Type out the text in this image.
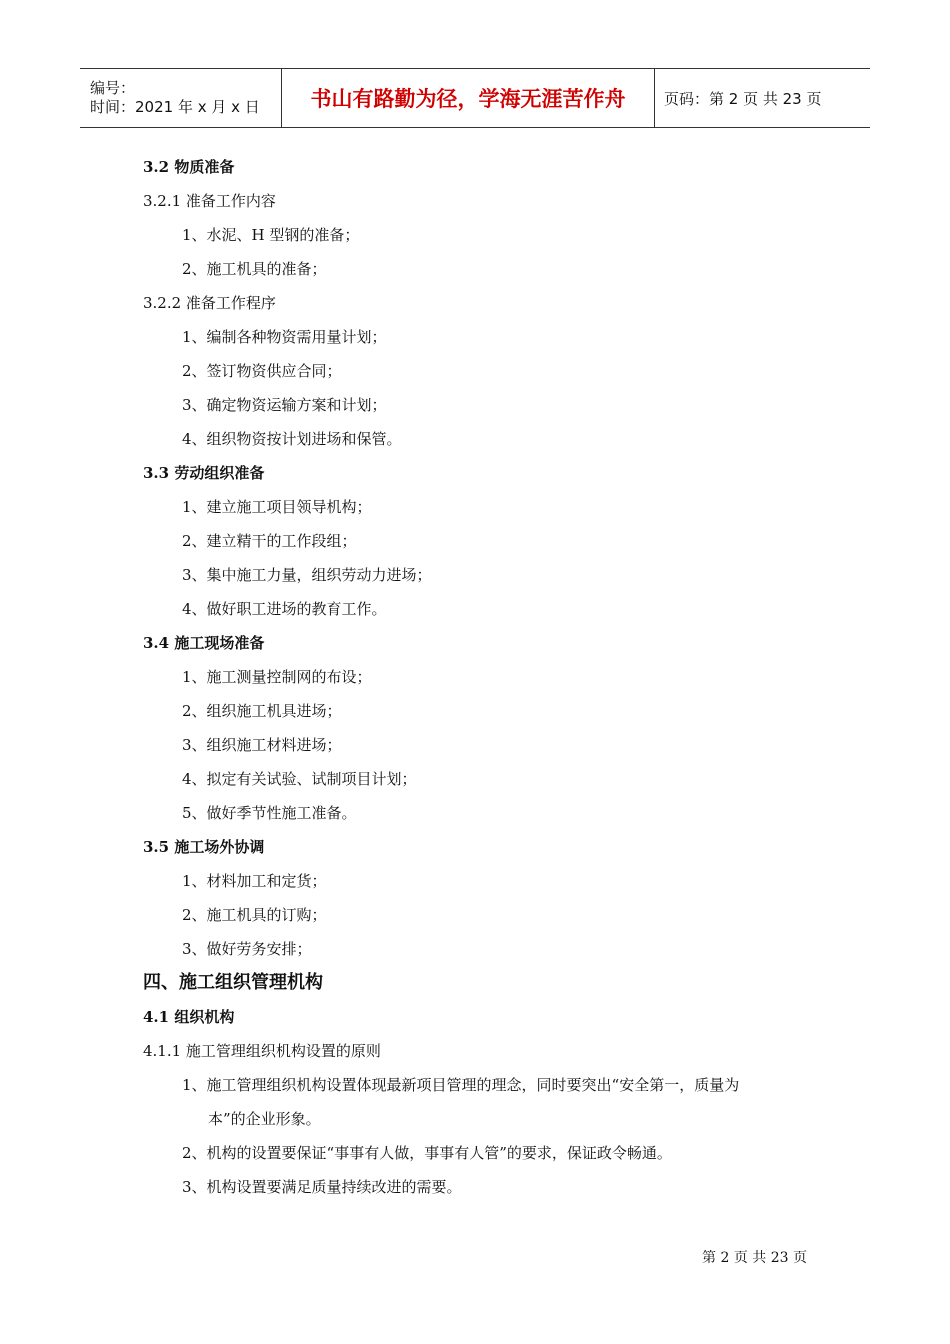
编号：
时间：2021 年 x 月 x 日	书山有路勤为径，学海无涯苦作舟	页码：第 2 页 共 23 页
3.2 物质准备
3.2.1 准备工作内容
1、水泥、H 型钢的准备；
2、施工机具的准备；
3.2.2 准备工作程序
1、编制各种物资需用量计划；
2、签订物资供应合同；
3、确定物资运输方案和计划；
4、组织物资按计划进场和保管。
3.3 劳动组织准备
1、建立施工项目领导机构；
2、建立精干的工作段组；
3、集中施工力量，组织劳动力进场；
4、做好职工进场的教育工作。
3.4 施工现场准备
1、施工测量控制网的布设；
2、组织施工机具进场；
3、组织施工材料进场；
4、拟定有关试验、试制项目计划；
5、做好季节性施工准备。
3.5 施工场外协调
1、材料加工和定货；
2、施工机具的订购；
3、做好劳务安排；
四、施工组织管理机构
4.1 组织机构
4.1.1 施工管理组织机构设置的原则
1、施工管理组织机构设置体现最新项目管理的理念，同时要突出“安全第一，质量为
本”的企业形象。
2、机构的设置要保证“事事有人做，事事有人管”的要求，保证政令畅通。
3、机构设置要满足质量持续改进的需要。
第 2 页 共 23 页
